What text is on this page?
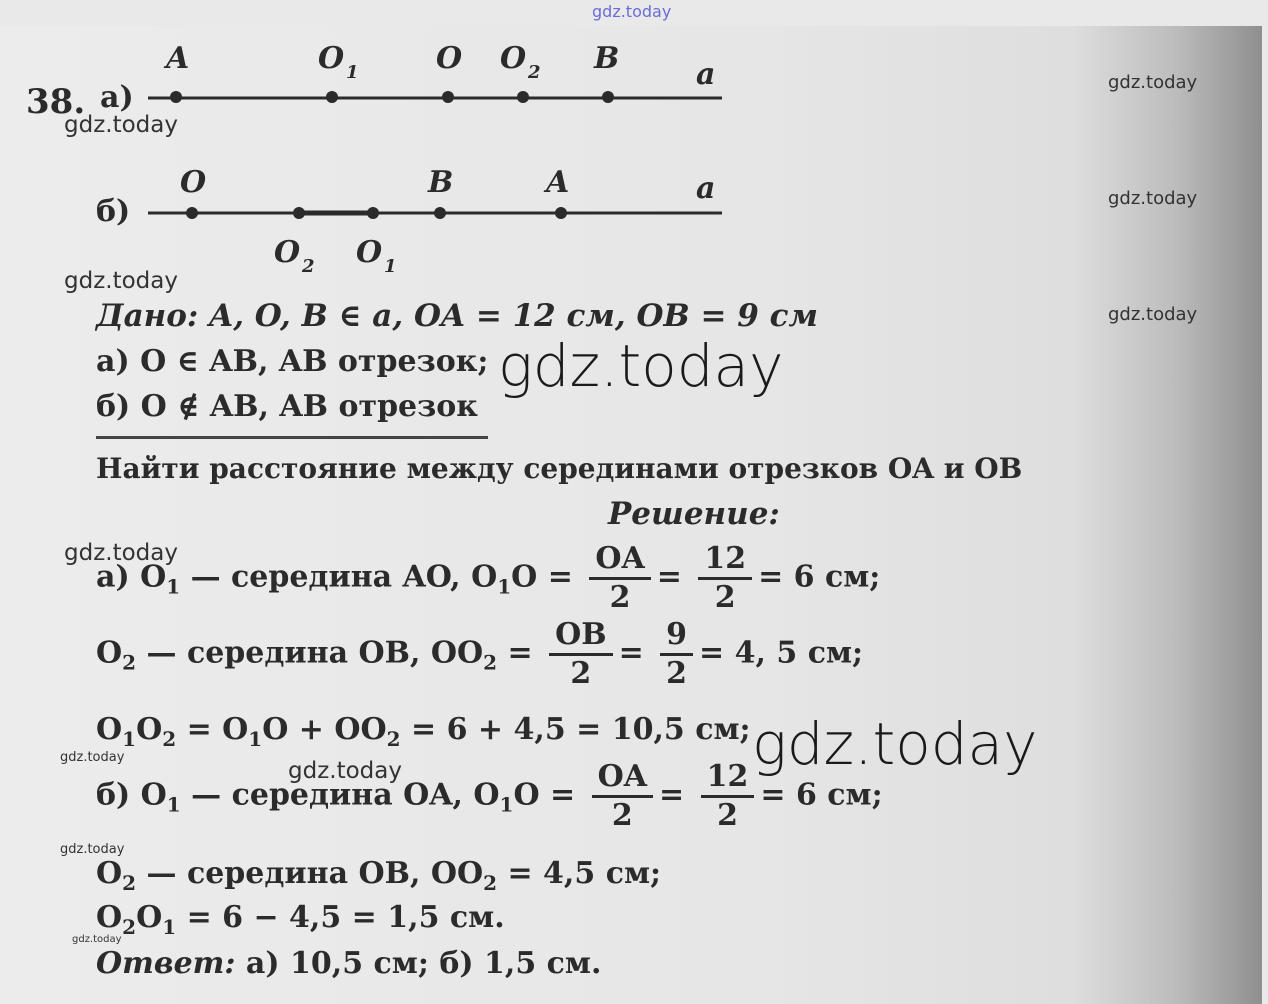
gdz.today
38. а)
б)
A	O 1	O O 2 B	a
O	B	A	a
O 2 O 1
Дано: A, O, B ∈ a, OA = 12 см, OB = 9 см
а) O ∈ AB, AB отрезок;
б) O ∉ AB, AB отрезок
Найти расстояние между серединами отрезков OA и OB
Решение:
а) $O_1$ — середина AO, $O_1O = \frac{OA}{2} = \frac{12}{2} = 6$ см;
$O_2$ — середина OB, $OO_2 = \frac{OB}{2} = \frac{9}{2} = 4$, 5 см;
$O_1O_2 = O_1O + OO_2 = 6 + 4,5 = 10,5$ см;
б) $O_1$ — середина OA, $O_1O = \frac{OA}{2} = \frac{12}{2} = 6$ см;
$O_2$ — середина OB, $OO_2 = 4,5$ см;
$O_2O_1 = 6 - 4,5 = 1,5$ см.
Ответ: а) 10,5 см; б) 1,5 см.
gdz.today
gdz.today
gdz.today
gdz.today
gdz.today
gdz.today
gdz.today
gdz.today
gdz.today
gdz.today
gdz.today
gdz.today
